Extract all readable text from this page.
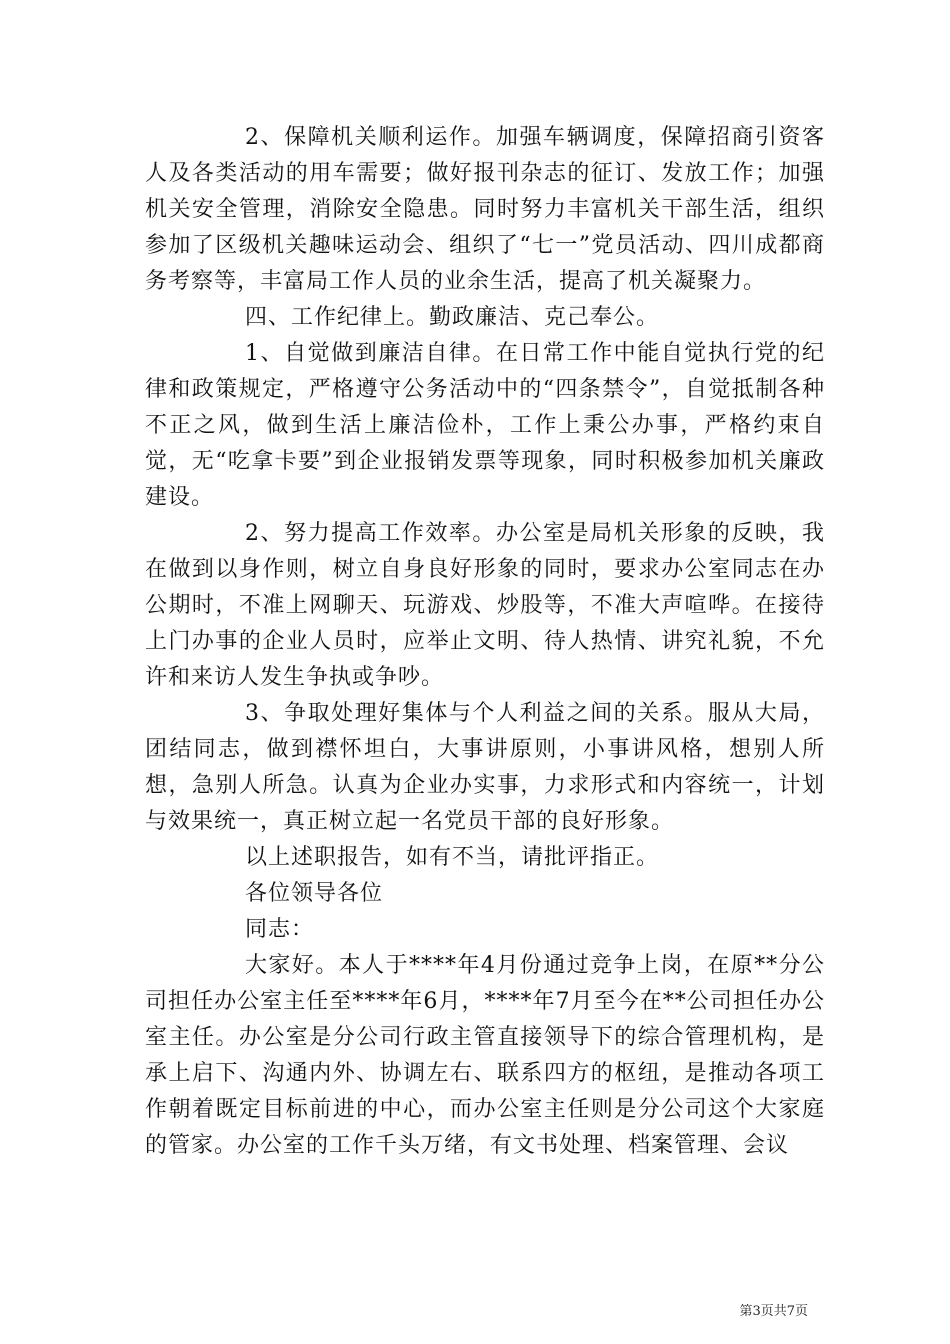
2、保障机关顺利运作。加强车辆调度，保障招商引资客人及各类活动的用车需要；做好报刊杂志的征订、发放工作；加强机关安全管理，消除安全隐患。同时努力丰富机关干部生活，组织参加了区级机关趣味运动会、组织了“七一”党员活动、四川成都商务考察等，丰富局工作人员的业余生活，提高了机关凝聚力。

四、工作纪律上。勤政廉洁、克己奉公。

1、自觉做到廉洁自律。在日常工作中能自觉执行党的纪律和政策规定，严格遵守公务活动中的“四条禁令”，自觉抵制各种不正之风，做到生活上廉洁俭朴，工作上秉公办事，严格约束自觉，无“吃拿卡要”到企业报销发票等现象，同时积极参加机关廉政建设。

2、努力提高工作效率。办公室是局机关形象的反映，我在做到以身作则，树立自身良好形象的同时，要求办公室同志在办公期时，不准上网聊天、玩游戏、炒股等，不准大声喧哗。在接待上门办事的企业人员时，应举止文明、待人热情、讲究礼貌，不允许和来访人发生争执或争吵。

3、争取处理好集体与个人利益之间的关系。服从大局，团结同志，做到襟怀坦白，大事讲原则，小事讲风格，想别人所想，急别人所急。认真为企业办实事，力求形式和内容统一，计划与效果统一，真正树立起一名党员干部的良好形象。

以上述职报告，如有不当，请批评指正。

各位领导各位

同志：

大家好。本人于****年4月份通过竞争上岗，在原**分公司担任办公室主任至****年6月，****年7月至今在**公司担任办公室主任。办公室是分公司行政主管直接领导下的综合管理机构，是承上启下、沟通内外、协调左右、联系四方的枢纽，是推动各项工作朝着既定目标前进的中心，而办公室主任则是分公司这个大家庭的管家。办公室的工作千头万绪，有文书处理、档案管理、会议

第3页共7页
